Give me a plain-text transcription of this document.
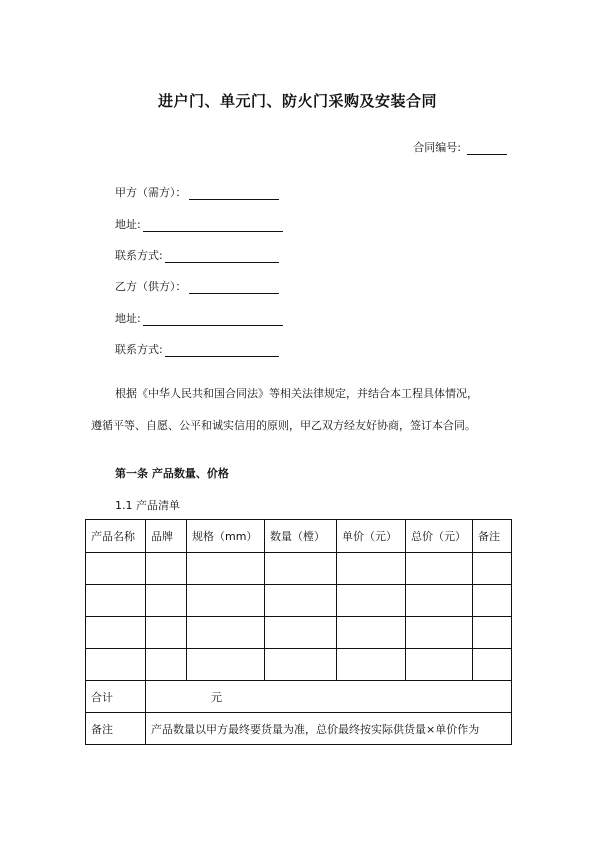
进户门、单元门、防火门采购及安装合同
合同编号:
甲方（需方）：
地址:
联系方式:
乙方（供方）：
地址:
联系方式:
根据《中华人民共和国合同法》等相关法律规定，并结合本工程具体情况，
遵循平等、自愿、公平和诚实信用的原则，甲乙双方经友好协商，签订本合同。
第一条 产品数量、价格
1.1 产品清单
产品名称	品牌	规格（mm）	数量（樘）	单价（元）	总价（元）	备注

合计	元					

备注	产品数量以甲方最终要货量为准，总价最终按实际供货量×单价作为					
